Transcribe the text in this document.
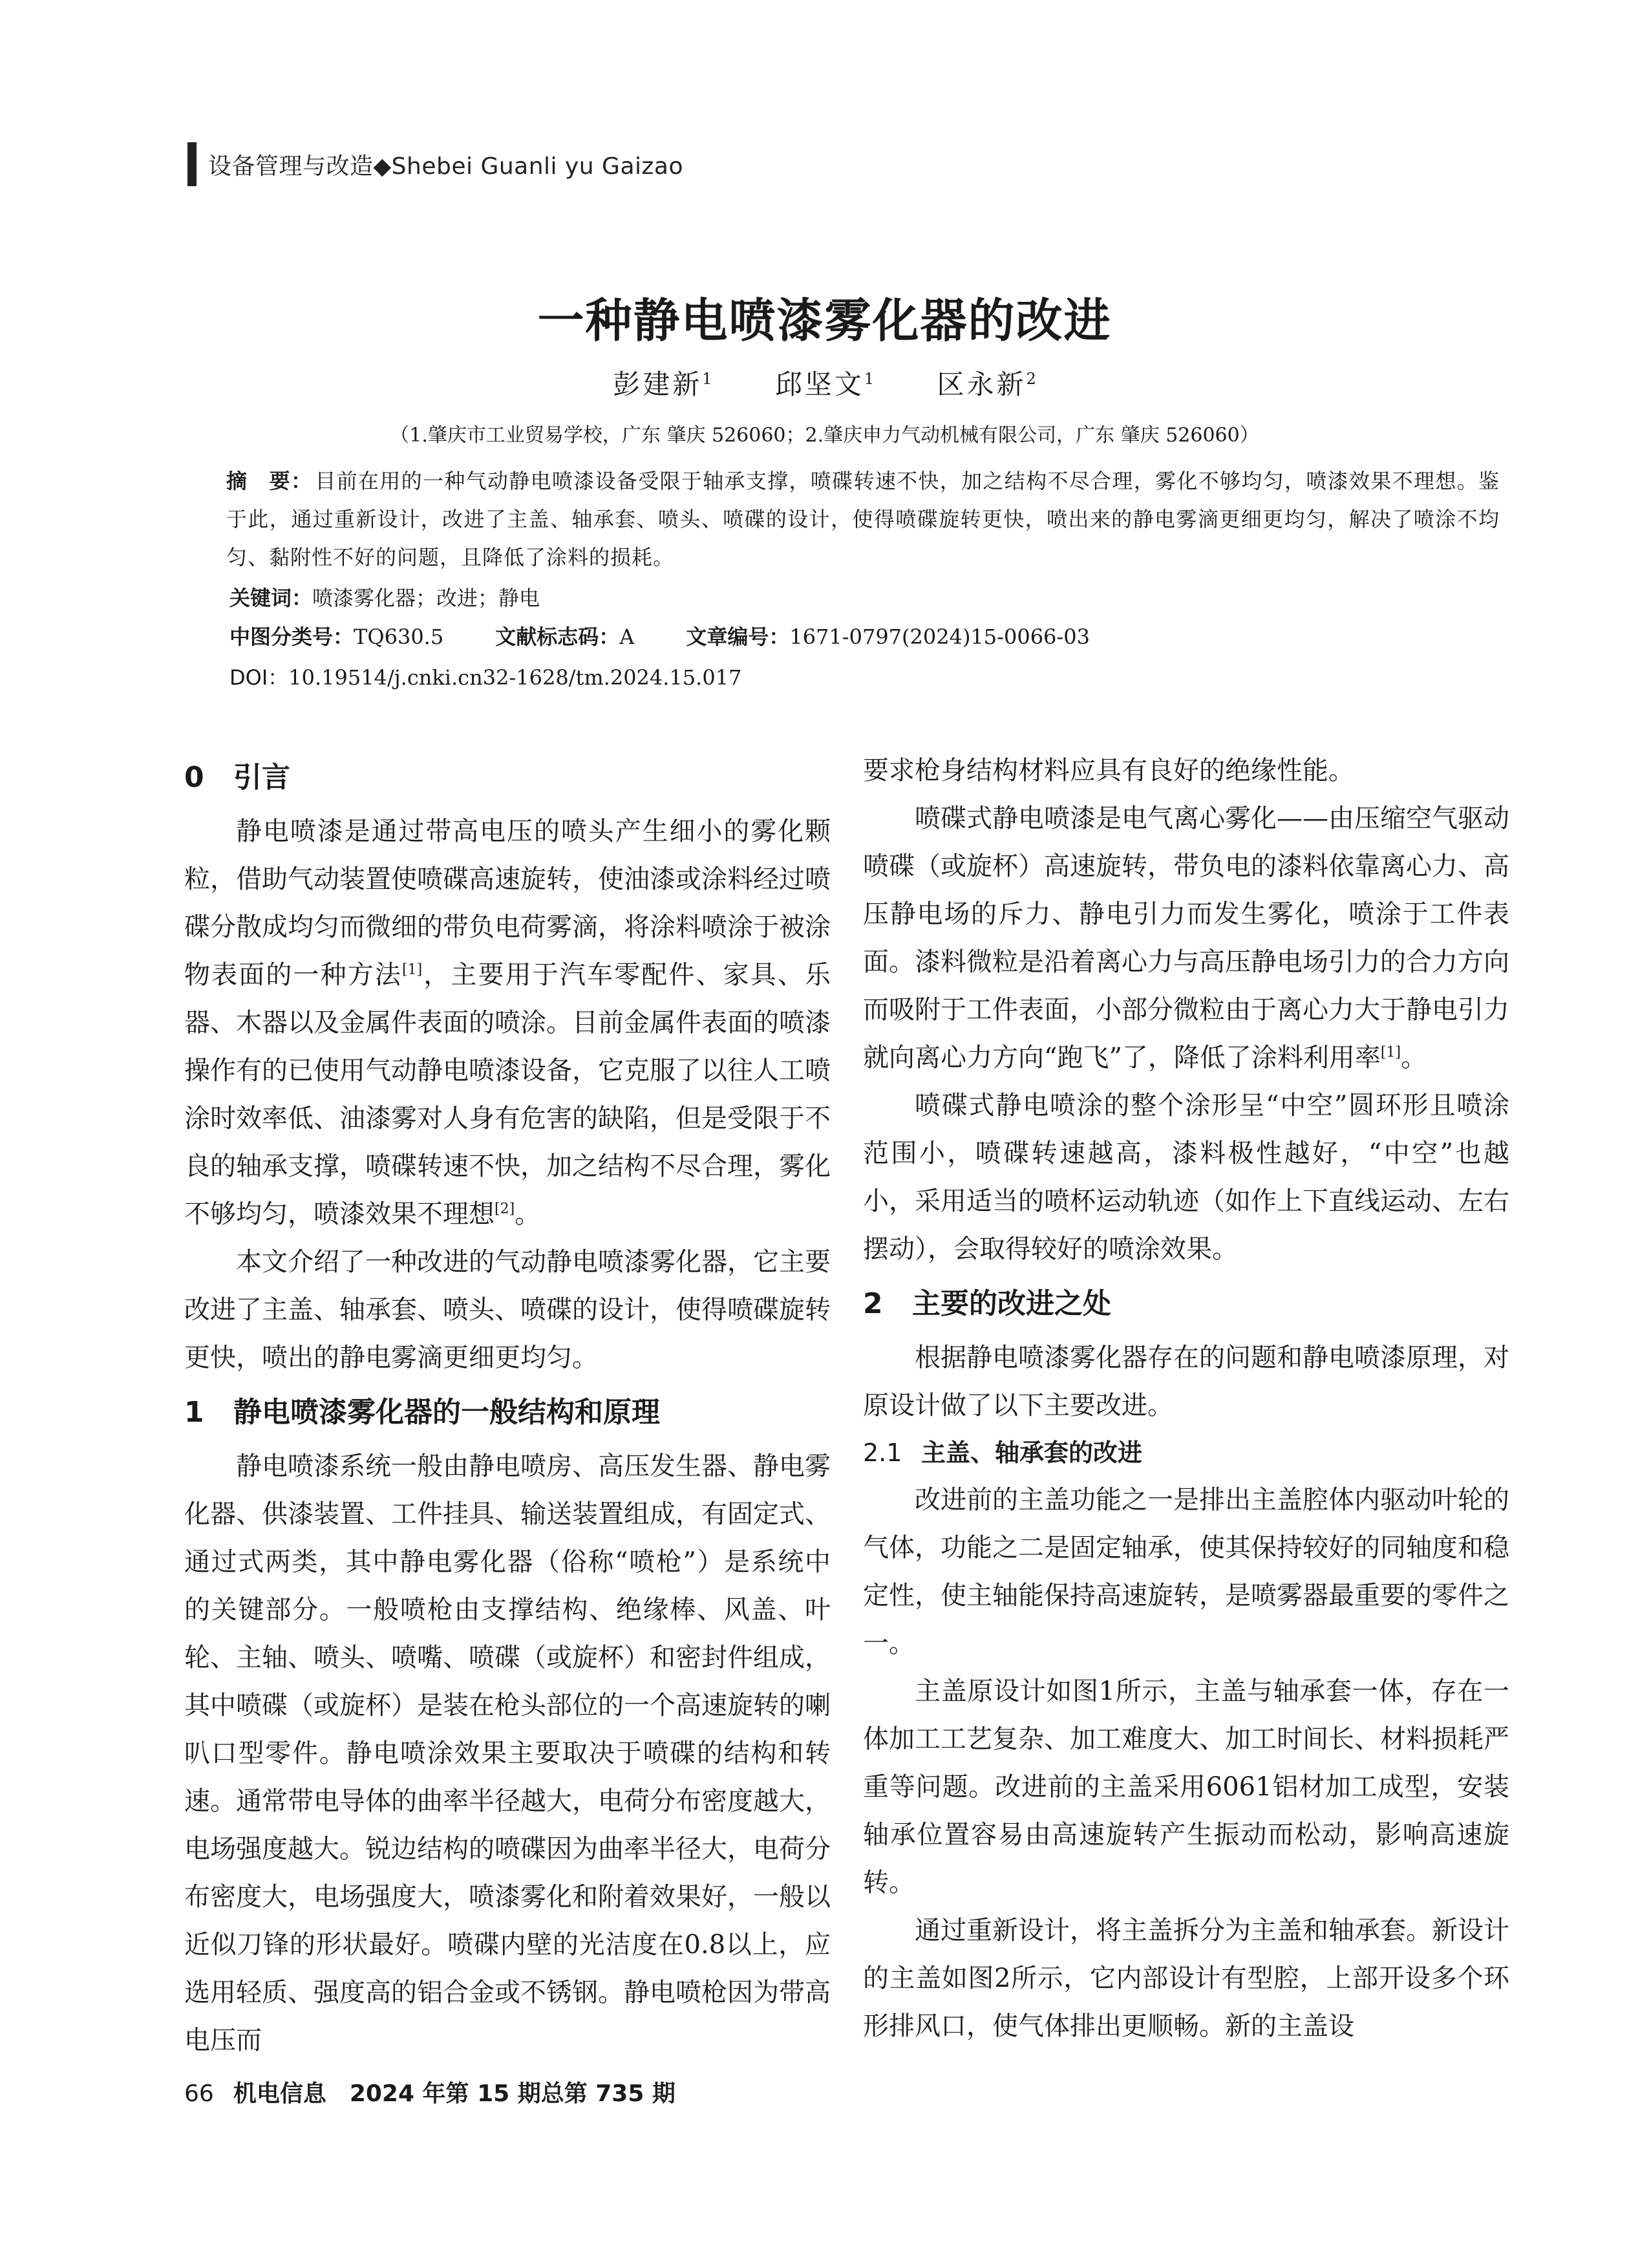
设备管理与改造◆Shebei Guanli yu Gaizao
一种静电喷漆雾化器的改进
彭建新$^1$ 邱坚文$^1$ 区永新$^2$
（1.肇庆市工业贸易学校，广东 肇庆 526060；2.肇庆申力气动机械有限公司，广东 肇庆 526060）
摘　要： 目前在用的一种气动静电喷漆设备受限于轴承支撑，喷碟转速不快，加之结构不尽合理，雾化不够均匀，喷漆效果不理想。鉴于此，通过重新设计，改进了主盖、轴承套、喷头、喷碟的设计，使得喷碟旋转更快，喷出来的静电雾滴更细更均匀，解决了喷涂不均匀、黏附性不好的问题，且降低了涂料的损耗。
关键词：喷漆雾化器；改进；静电
中图分类号：TQ630.5	文献标志码：A	文章编号：1671-0797(2024)15-0066-03
DOI：10.19514/j.cnki.cn32-1628/tm.2024.15.017
0 引言

静电喷漆是通过带高电压的喷头产生细小的雾化颗粒，借助气动装置使喷碟高速旋转，使油漆或涂料经过喷碟分散成均匀而微细的带负电荷雾滴，将涂料喷涂于被涂物表面的一种方法[1]，主要用于汽车零配件、家具、乐器、木器以及金属件表面的喷涂。目前金属件表面的喷漆操作有的已使用气动静电喷漆设备，它克服了以往人工喷涂时效率低、油漆雾对人身有危害的缺陷，但是受限于不良的轴承支撑，喷碟转速不快，加之结构不尽合理，雾化不够均匀，喷漆效果不理想[2]。

本文介绍了一种改进的气动静电喷漆雾化器，它主要改进了主盖、轴承套、喷头、喷碟的设计，使得喷碟旋转更快，喷出的静电雾滴更细更均匀。

1 静电喷漆雾化器的一般结构和原理

静电喷漆系统一般由静电喷房、高压发生器、静电雾化器、供漆装置、工件挂具、输送装置组成，有固定式、通过式两类，其中静电雾化器（俗称“喷枪”）是系统中的关键部分。一般喷枪由支撑结构、绝缘棒、风盖、叶轮、主轴、喷头、喷嘴、喷碟（或旋杯）和密封件组成，其中喷碟（或旋杯）是装在枪头部位的一个高速旋转的喇叭口型零件。静电喷涂效果主要取决于喷碟的结构和转速。通常带电导体的曲率半径越大，电荷分布密度越大，电场强度越大。锐边结构的喷碟因为曲率半径大，电荷分布密度大，电场强度大，喷漆雾化和附着效果好，一般以近似刀锋的形状最好。喷碟内壁的光洁度在0.8以上，应选用轻质、强度高的铝合金或不锈钢。静电喷枪因为带高电压而

要求枪身结构材料应具有良好的绝缘性能。

喷碟式静电喷漆是电气离心雾化——由压缩空气驱动喷碟（或旋杯）高速旋转，带负电的漆料依靠离心力、高压静电场的斥力、静电引力而发生雾化，喷涂于工件表面。漆料微粒是沿着离心力与高压静电场引力的合力方向而吸附于工件表面，小部分微粒由于离心力大于静电引力就向离心力方向“跑飞”了，降低了涂料利用率[1]。

喷碟式静电喷涂的整个涂形呈“中空”圆环形且喷涂范围小，喷碟转速越高，漆料极性越好，“中空”也越小，采用适当的喷杯运动轨迹（如作上下直线运动、左右摆动），会取得较好的喷涂效果。

2 主要的改进之处

根据静电喷漆雾化器存在的问题和静电喷漆原理，对原设计做了以下主要改进。

2.1 主盖、轴承套的改进

改进前的主盖功能之一是排出主盖腔体内驱动叶轮的气体，功能之二是固定轴承，使其保持较好的同轴度和稳定性，使主轴能保持高速旋转，是喷雾器最重要的零件之一。

主盖原设计如图1所示，主盖与轴承套一体，存在一体加工工艺复杂、加工难度大、加工时间长、材料损耗严重等问题。改进前的主盖采用6061铝材加工成型，安装轴承位置容易由高速旋转产生振动而松动，影响高速旋转。

通过重新设计，将主盖拆分为主盖和轴承套。新设计的主盖如图2所示，它内部设计有型腔，上部开设多个环形排风口，使气体排出更顺畅。新的主盖设

66 机电信息　2024 年第 15 期总第 735 期
